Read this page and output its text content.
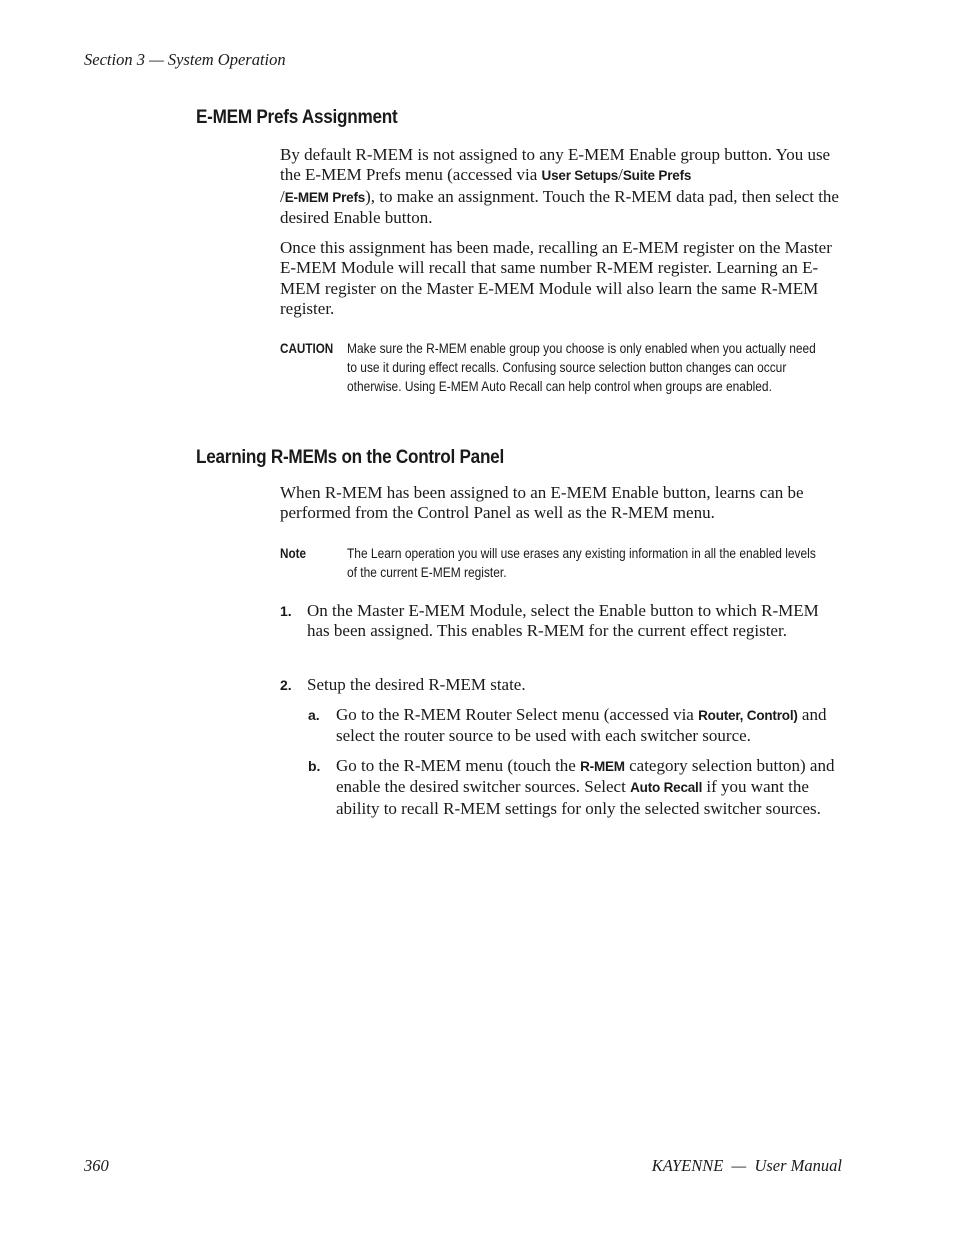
Section 3 — System Operation
E-MEM Prefs Assignment

By default R-MEM is not assigned to any E-MEM Enable group button. You use the E-MEM Prefs menu (accessed via User Setups/Suite Prefs
/E-MEM Prefs), to make an assignment. Touch the R-MEM data pad, then select the desired Enable button.

Once this assignment has been made, recalling an E-MEM register on the Master E-MEM Module will recall that same number R-MEM register. Learning an E-MEM register on the Master E-MEM Module will also learn the same R-MEM register.

CAUTION Make sure the R-MEM enable group you choose is only enabled when you actually need to use it during effect recalls. Confusing source selection button changes can occur otherwise. Using E-MEM Auto Recall can help control when groups are enabled.
Learning R-MEMs on the Control Panel

When R-MEM has been assigned to an E-MEM Enable button, learns can be performed from the Control Panel as well as the R-MEM menu.

Note	The Learn operation you will use erases any existing information in all the enabled levels of the current E-MEM register.
1. On the Master E-MEM Module, select the Enable button to which R-MEM has been assigned. This enables R-MEM for the current effect register.
2. Setup the desired R-MEM state.
a. Go to the R-MEM Router Select menu (accessed via Router, Control) and select the router source to be used with each switcher source.
b. Go to the R-MEM menu (touch the R-MEM category selection button) and enable the desired switcher sources. Select Auto Recall if you want the ability to recall R-MEM settings for only the selected switcher sources.
360	KAYENNE  —  User Manual
